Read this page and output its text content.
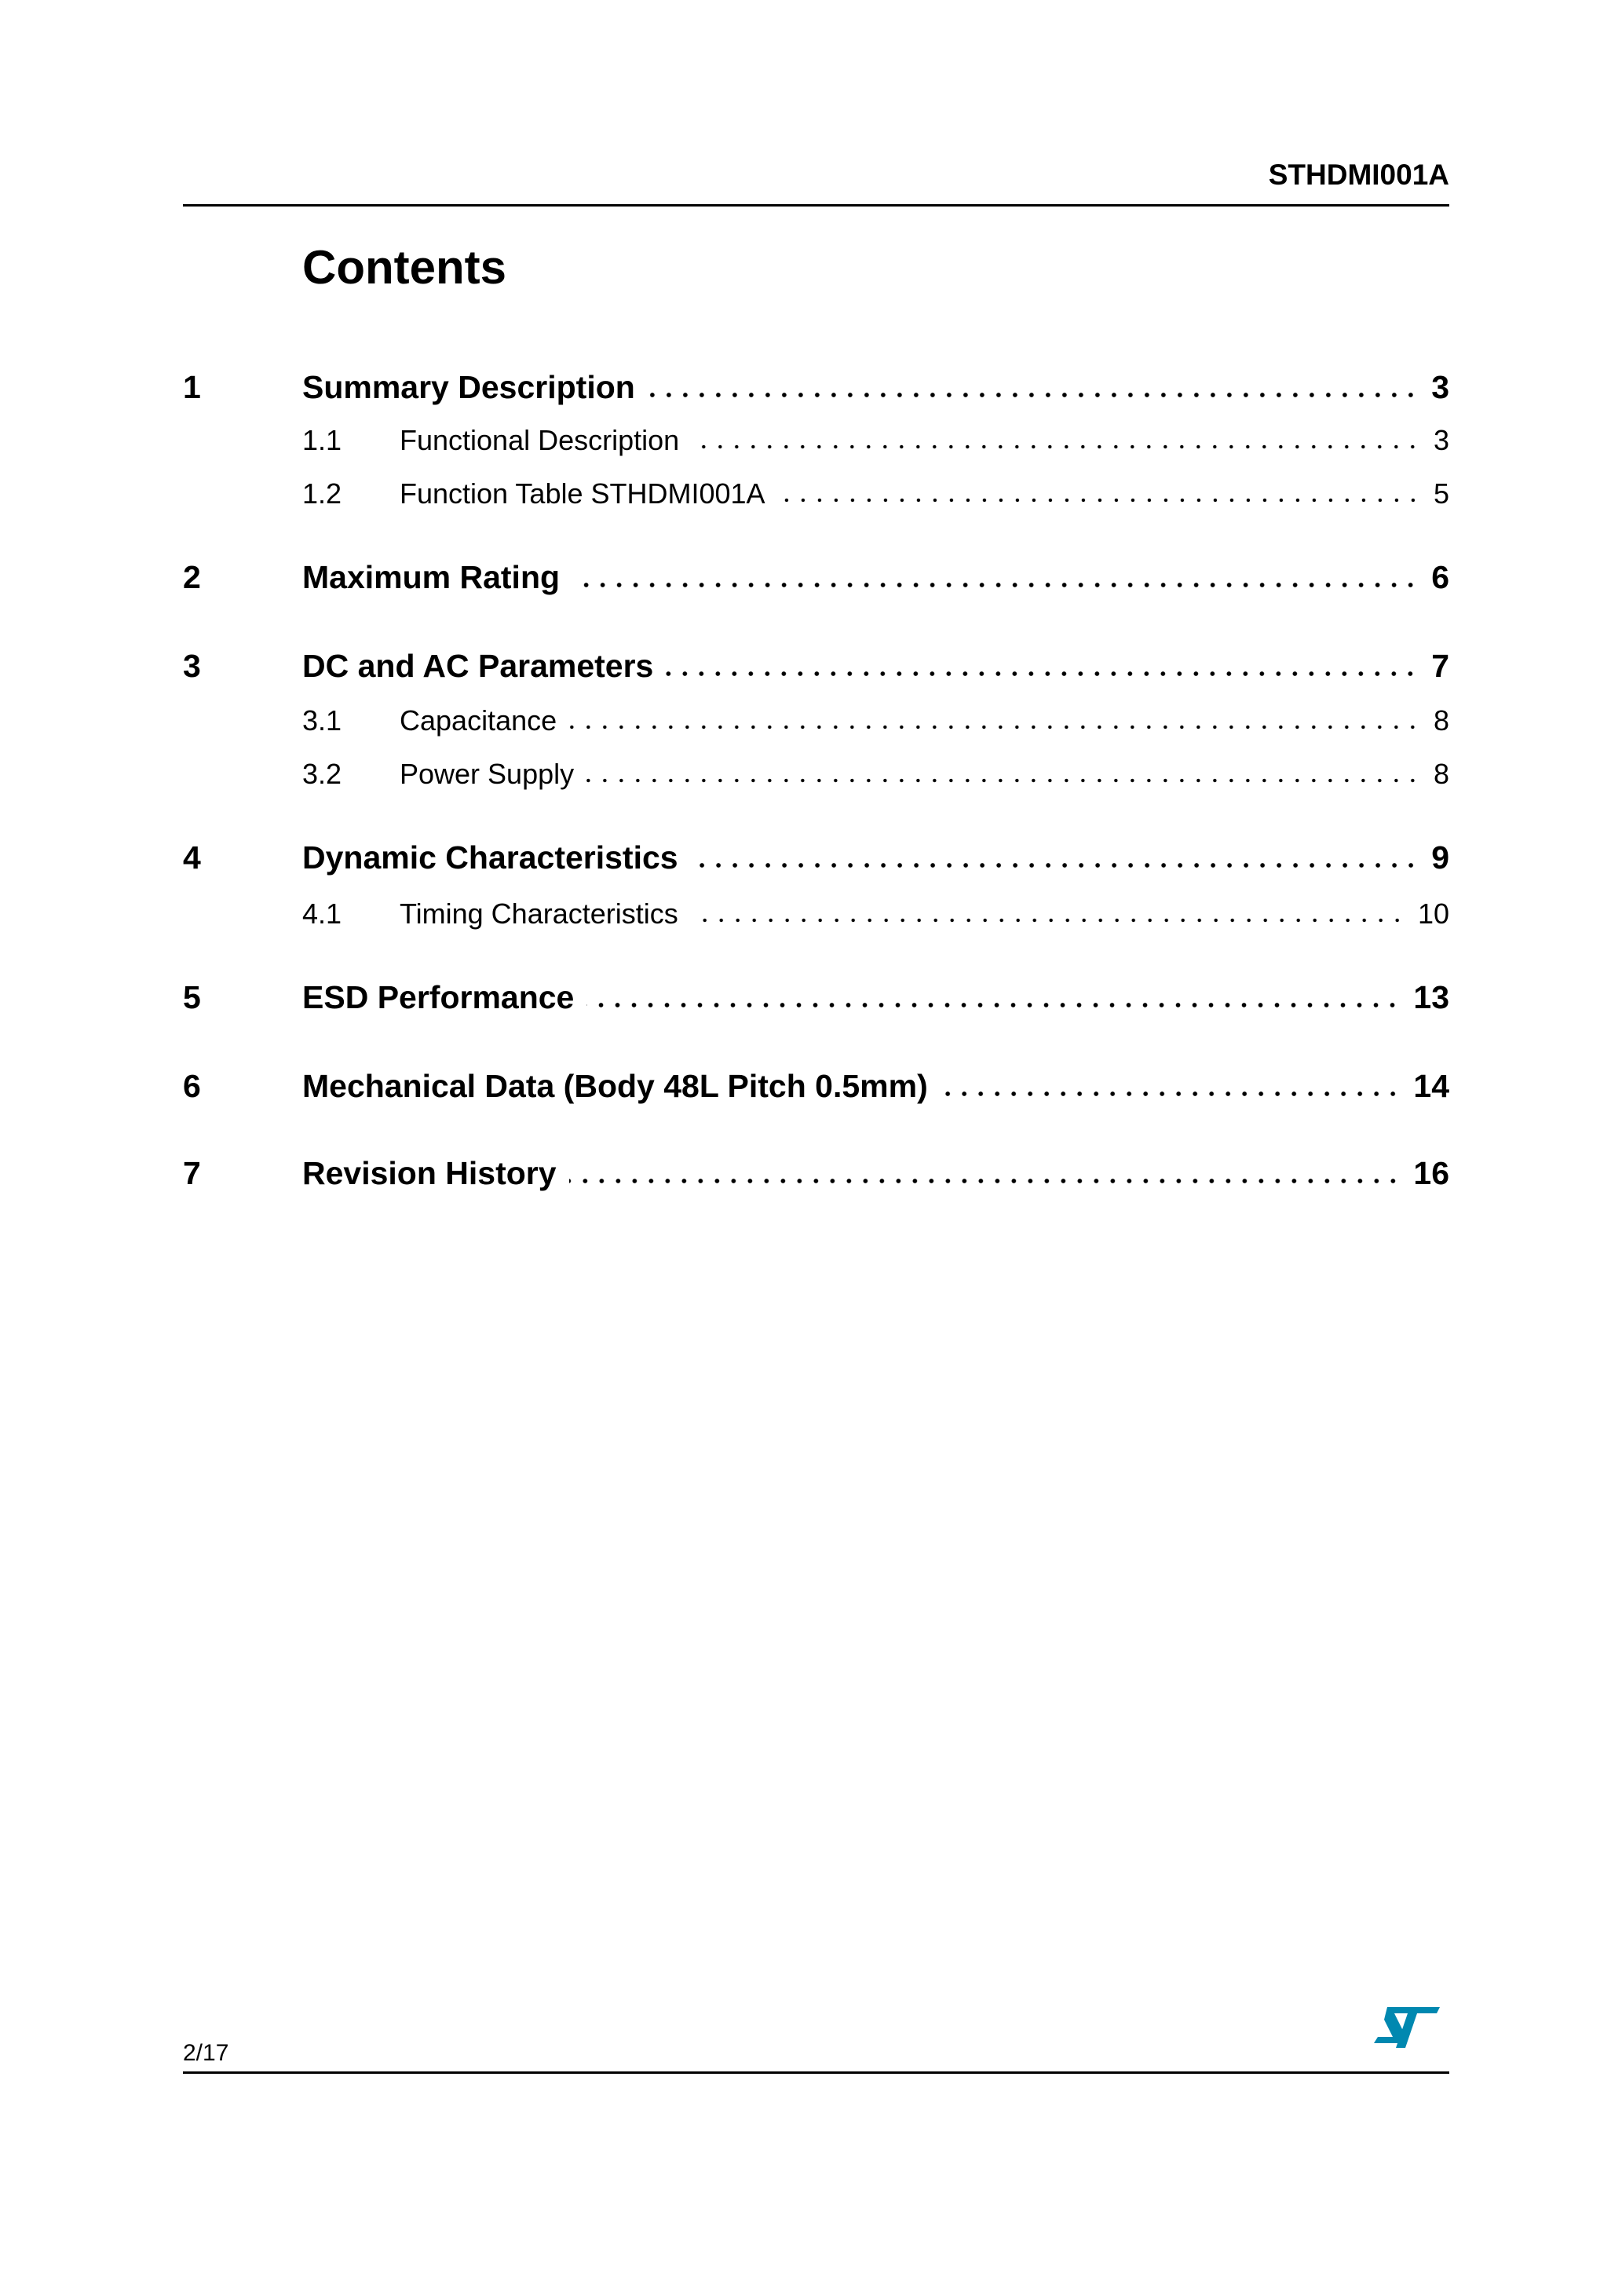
STHDMI001A
Contents
1	Summary Description	3
1.1	Functional Description	3
1.2	Function Table STHDMI001A	5
2	Maximum Rating	6
3	DC and AC Parameters	7
3.1	Capacitance	8
3.2	Power Supply	8
4	Dynamic Characteristics	9
4.1	Timing Characteristics	10
5	ESD Performance	13
6	Mechanical Data (Body 48L Pitch 0.5mm)	14
7	Revision History	16
2/17
